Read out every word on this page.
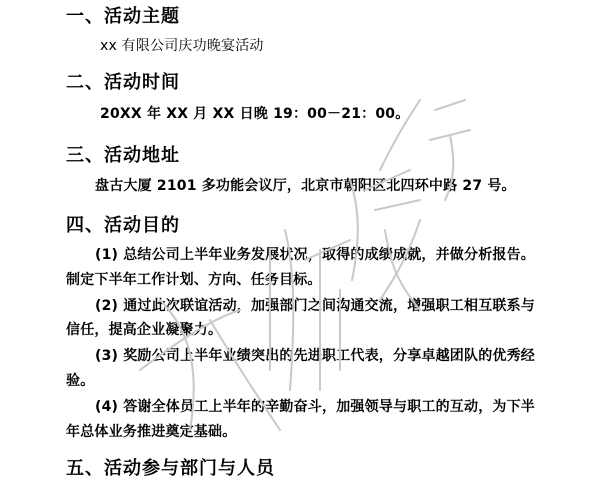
一、活动主题
xx 有限公司庆功晚宴活动
二、活动时间
20XX 年 XX 月 XX 日晚 19：00－21：00。
三、活动地址
盘古大厦 2101 多功能会议厅，北京市朝阳区北四环中路 27 号。
四、活动目的
(1) 总结公司上半年业务发展状况，取得的成绩成就，并做分析报告。
制定下半年工作计划、方向、任务目标。
(2) 通过此次联谊活动，加强部门之间沟通交流，增强职工相互联系与
信任，提高企业凝聚力。
(3) 奖励公司上半年业绩突出的先进职工代表，分享卓越团队的优秀经
验。
(4) 答谢全体员工上半年的辛勤奋斗，加强领导与职工的互动，为下半
年总体业务推进奠定基础。
五、活动参与部门与人员
